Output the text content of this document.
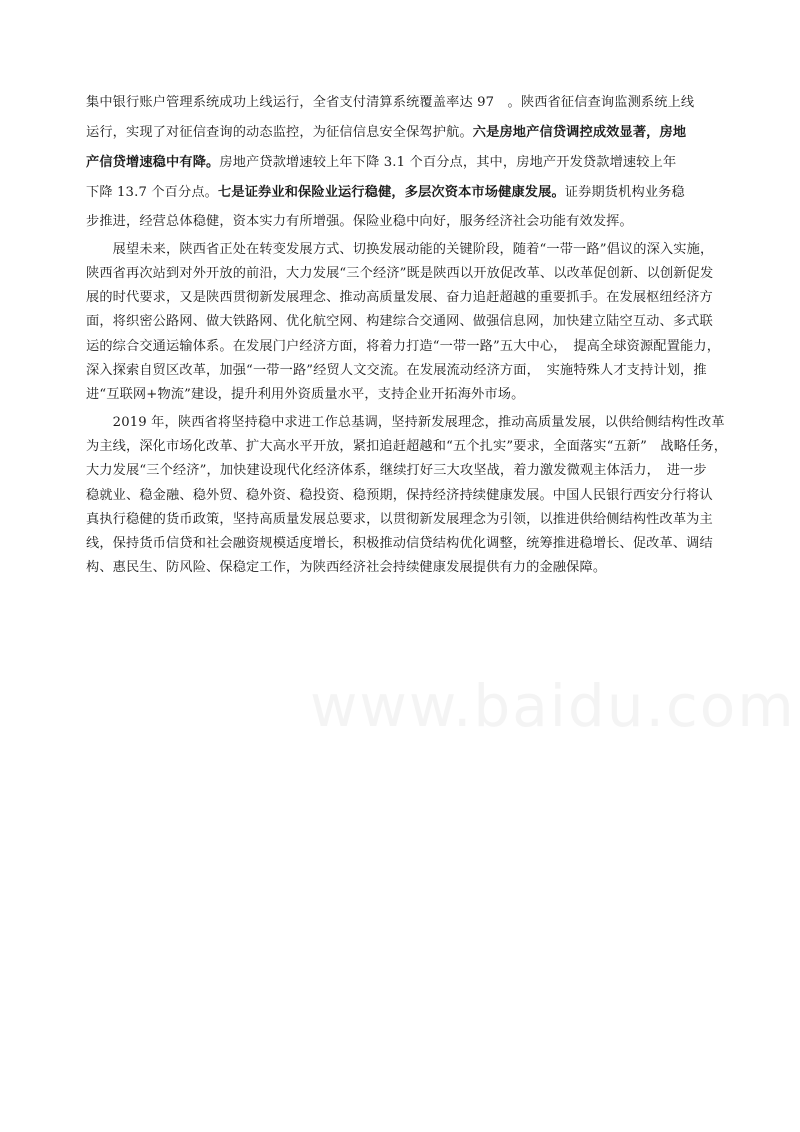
www.baidu.com
集中银行账户管理系统成功上线运行，全省支付清算系统覆盖率达 97　。陕西省征信查询监测系统上线
运行，实现了对征信查询的动态监控，为征信信息安全保驾护航。六是房地产信贷调控成效显著，房地
产信贷增速稳中有降。房地产贷款增速较上年下降 3.1 个百分点，其中，房地产开发贷款增速较上年
下降 13.7 个百分点。七是证券业和保险业运行稳健，多层次资本市场健康发展。证券期货机构业务稳
步推进，经营总体稳健，资本实力有所增强。保险业稳中向好，服务经济社会功能有效发挥。
　　展望未来，陕西省正处在转变发展方式、切换发展动能的关键阶段，随着“一带一路”倡议的深入实施，
陕西省再次站到对外开放的前沿，大力发展“三个经济”既是陕西以开放促改革、以改革促创新、以创新促发
展的时代要求，又是陕西贯彻新发展理念、推动高质量发展、奋力追赶超越的重要抓手。在发展枢纽经济方
面，将织密公路网、做大铁路网、优化航空网、构建综合交通网、做强信息网，加快建立陆空互动、多式联
运的综合交通运输体系。在发展门户经济方面，将着力打造“一带一路”五大中心，　提高全球资源配置能力，
深入探索自贸区改革，加强“一带一路”经贸人文交流。在发展流动经济方面，　实施特殊人才支持计划，推
进“互联网+物流”建设，提升利用外资质量水平，支持企业开拓海外市场。
　　2019 年，陕西省将坚持稳中求进工作总基调，坚持新发展理念，推动高质量发展，以供给侧结构性改革
为主线，深化市场化改革、扩大高水平开放，紧扣追赶超越和“五个扎实”要求，全面落实“五新”　战略任务，
大力发展“三个经济”，加快建设现代化经济体系，继续打好三大攻坚战，着力激发微观主体活力，　进一步
稳就业、稳金融、稳外贸、稳外资、稳投资、稳预期，保持经济持续健康发展。中国人民银行西安分行将认
真执行稳健的货币政策，坚持高质量发展总要求，以贯彻新发展理念为引领，以推进供给侧结构性改革为主
线，保持货币信贷和社会融资规模适度增长，积极推动信贷结构优化调整，统筹推进稳增长、促改革、调结
构、惠民生、防风险、保稳定工作，为陕西经济社会持续健康发展提供有力的金融保障。
